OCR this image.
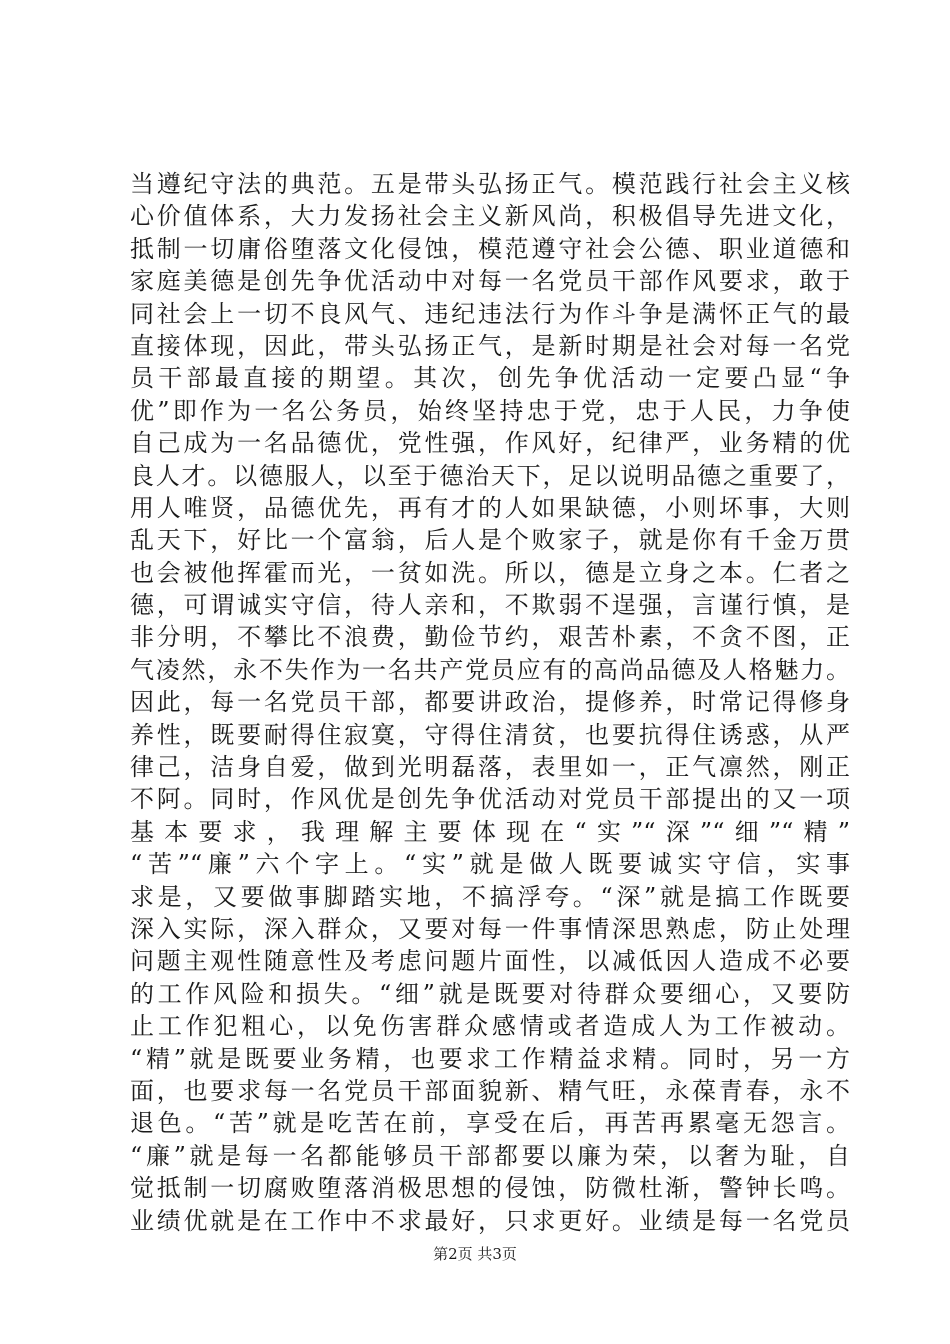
当遵纪守法的典范。五是带头弘扬正气。模范践行社会主义核
心价值体系，大力发扬社会主义新风尚，积极倡导先进文化，
抵制一切庸俗堕落文化侵蚀，模范遵守社会公德、职业道德和
家庭美德是创先争优活动中对每一名党员干部作风要求，敢于
同社会上一切不良风气、违纪违法行为作斗争是满怀正气的最
直接体现，因此，带头弘扬正气，是新时期是社会对每一名党
员干部最直接的期望。其次，创先争优活动一定要凸显“争
优”即作为一名公务员，始终坚持忠于党，忠于人民，力争使
自己成为一名品德优，党性强，作风好，纪律严，业务精的优
良人才。以德服人，以至于德治天下，足以说明品德之重要了，
用人唯贤，品德优先，再有才的人如果缺德，小则坏事，大则
乱天下，好比一个富翁，后人是个败家子，就是你有千金万贯
也会被他挥霍而光，一贫如洗。所以，德是立身之本。仁者之
德，可谓诚实守信，待人亲和，不欺弱不逞强，言谨行慎，是
非分明，不攀比不浪费，勤俭节约，艰苦朴素，不贪不图，正
气凌然，永不失作为一名共产党员应有的高尚品德及人格魅力。
因此，每一名党员干部，都要讲政治，提修养，时常记得修身
养性，既要耐得住寂寞，守得住清贫，也要抗得住诱惑，从严
律己，洁身自爱，做到光明磊落，表里如一，正气凛然，刚正
不阿。同时，作风优是创先争优活动对党员干部提出的又一项
基本要求，我理解主要体现在“实”“深”“细”“精”
“苦”“廉”六个字上。“实”就是做人既要诚实守信，实事
求是，又要做事脚踏实地，不搞浮夸。“深”就是搞工作既要
深入实际，深入群众，又要对每一件事情深思熟虑，防止处理
问题主观性随意性及考虑问题片面性，以减低因人造成不必要
的工作风险和损失。“细”就是既要对待群众要细心，又要防
止工作犯粗心，以免伤害群众感情或者造成人为工作被动。
“精”就是既要业务精，也要求工作精益求精。同时，另一方
面，也要求每一名党员干部面貌新、精气旺，永葆青春，永不
退色。“苦”就是吃苦在前，享受在后，再苦再累毫无怨言。
“廉”就是每一名都能够员干部都要以廉为荣，以奢为耻，自
觉抵制一切腐败堕落消极思想的侵蚀，防微杜渐，警钟长鸣。
业绩优就是在工作中不求最好，只求更好。业绩是每一名党员
第2页 共3页
